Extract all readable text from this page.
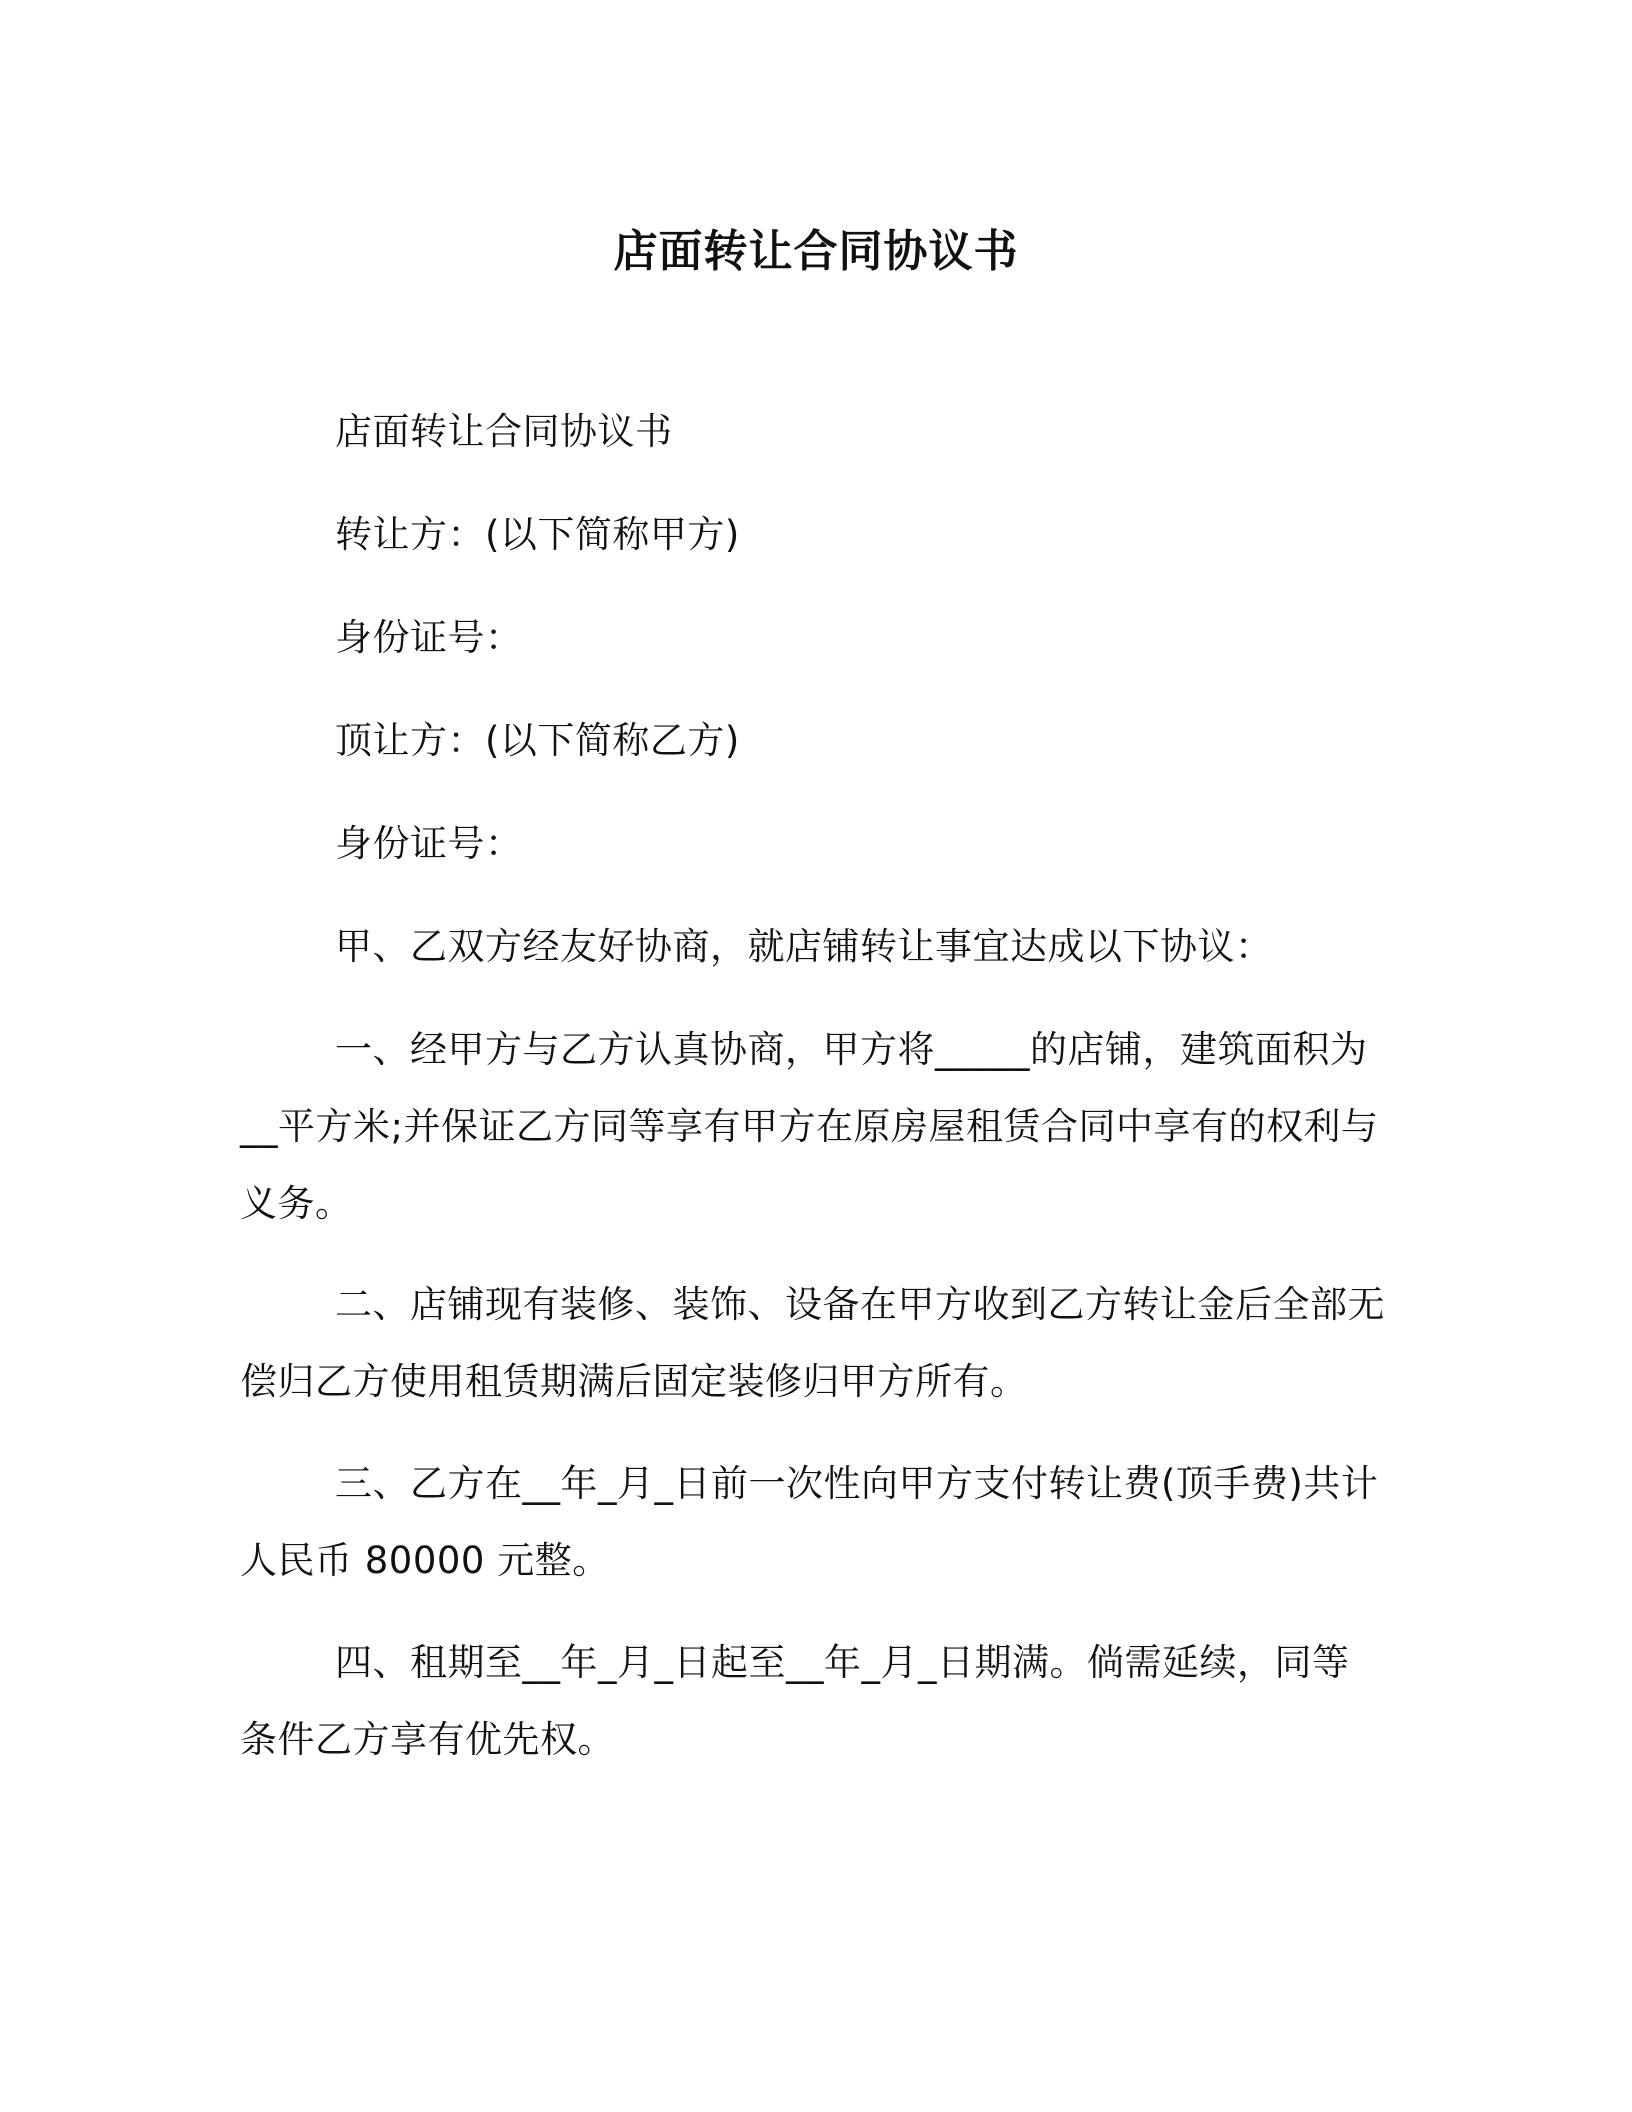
店面转让合同协议书
店面转让合同协议书
转让方：(以下简称甲方)
身份证号：
顶让方：(以下简称乙方)
身份证号：
甲、乙双方经友好协商，就店铺转让事宜达成以下协议：
一、经甲方与乙方认真协商，甲方将_____的店铺，建筑面积为
__平方米;并保证乙方同等享有甲方在原房屋租赁合同中享有的权利与
义务。
二、店铺现有装修、装饰、设备在甲方收到乙方转让金后全部无
偿归乙方使用租赁期满后固定装修归甲方所有。
三、乙方在__年_月_日前一次性向甲方支付转让费(顶手费)共计
人民币 80000 元整。
四、租期至__年_月_日起至__年_月_日期满。倘需延续，同等
条件乙方享有优先权。
